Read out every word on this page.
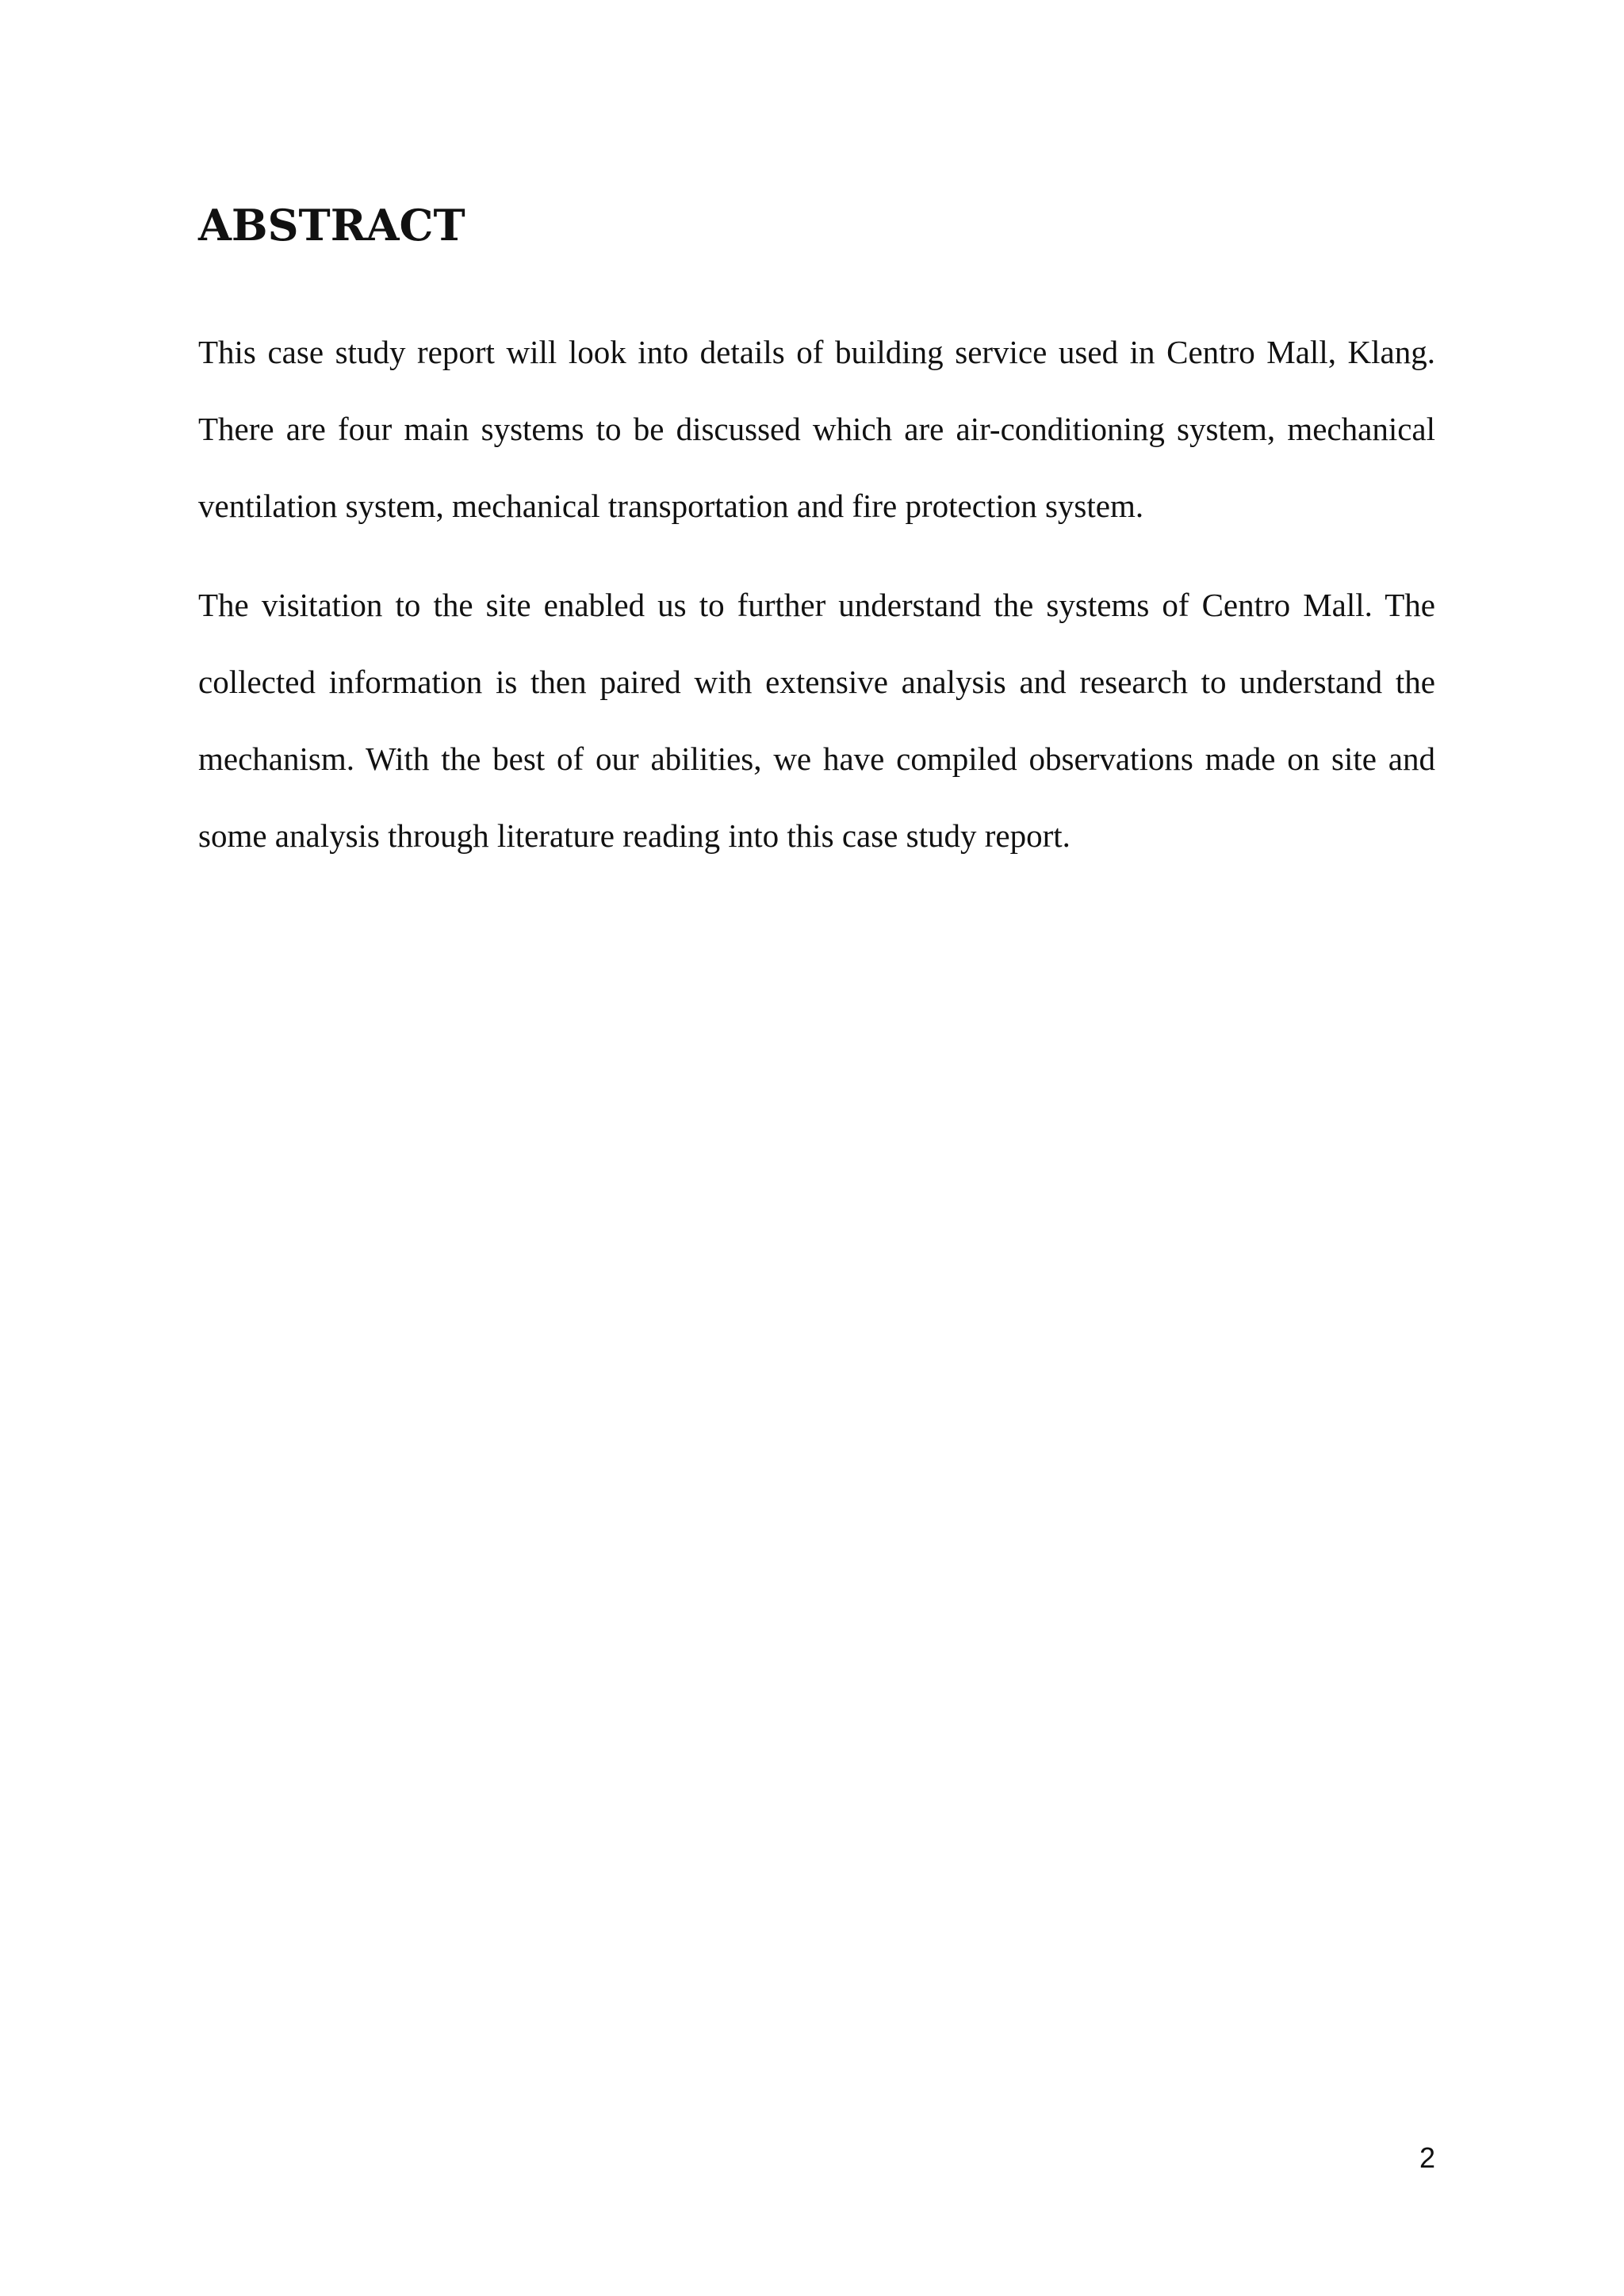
ABSTRACT

This case study report will look into details of building service used in Centro Mall, Klang. There are four main systems to be discussed which are air-conditioning system, mechanical ventilation system, mechanical transportation and fire protection system.

The visitation to the site enabled us to further understand the systems of Centro Mall. The collected information is then paired with extensive analysis and research to understand the mechanism. With the best of our abilities, we have compiled observations made on site and some analysis through literature reading into this case study report.

2
